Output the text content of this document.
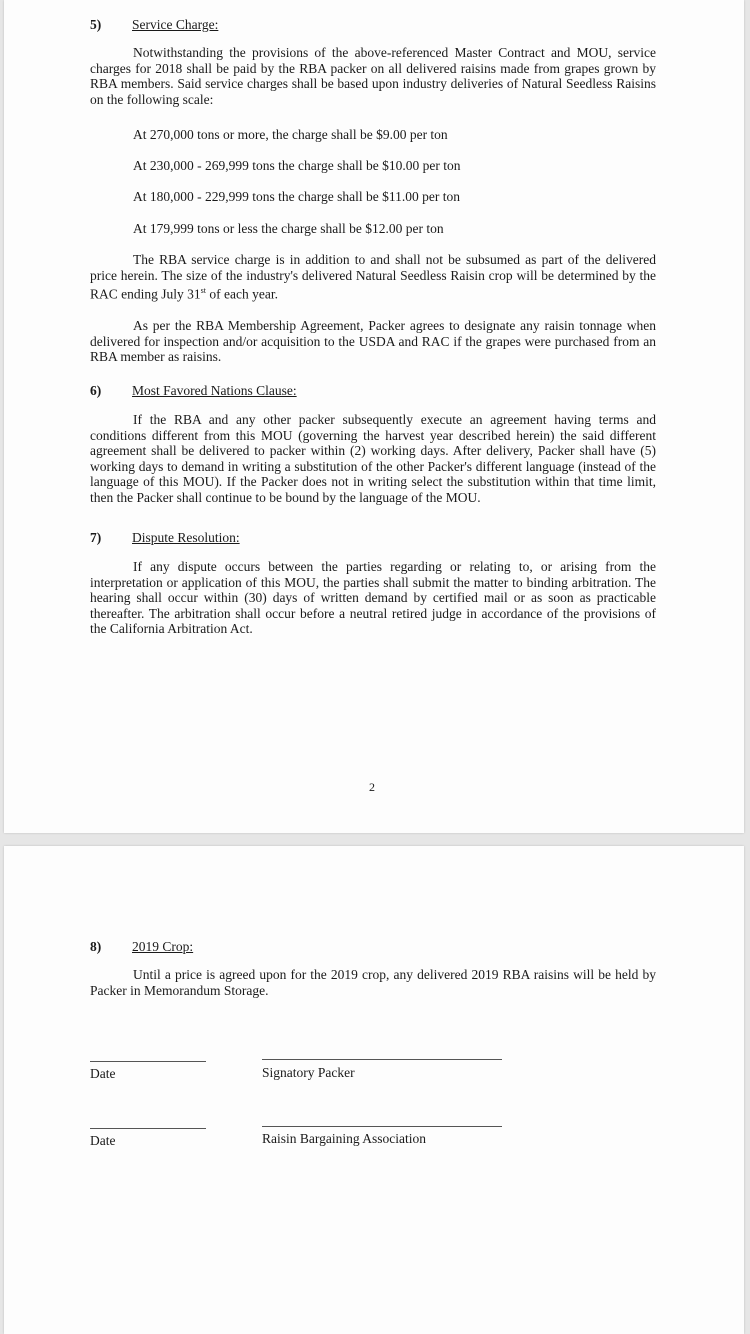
5) Service Charge:

Notwithstanding the provisions of the above-referenced Master Contract and MOU, service charges for 2018 shall be paid by the RBA packer on all delivered raisins made from grapes grown by RBA members. Said service charges shall be based upon industry deliveries of Natural Seedless Raisins on the following scale:

At 270,000 tons or more, the charge shall be $9.00 per ton
At 230,000 - 269,999 tons the charge shall be $10.00 per ton
At 180,000 - 229,999 tons the charge shall be $11.00 per ton
At 179,999 tons or less the charge shall be $12.00 per ton

The RBA service charge is in addition to and shall not be subsumed as part of the delivered price herein. The size of the industry's delivered Natural Seedless Raisin crop will be determined by the RAC ending July 31st of each year.

As per the RBA Membership Agreement, Packer agrees to designate any raisin tonnage when delivered for inspection and/or acquisition to the USDA and RAC if the grapes were purchased from an RBA member as raisins.

6) Most Favored Nations Clause:

If the RBA and any other packer subsequently execute an agreement having terms and conditions different from this MOU (governing the harvest year described herein) the said different agreement shall be delivered to packer within (2) working days. After delivery, Packer shall have (5) working days to demand in writing a substitution of the other Packer's different language (instead of the language of this MOU). If the Packer does not in writing select the substitution within that time limit, then the Packer shall continue to be bound by the language of the MOU.

7) Dispute Resolution:

If any dispute occurs between the parties regarding or relating to, or arising from the interpretation or application of this MOU, the parties shall submit the matter to binding arbitration. The hearing shall occur within (30) days of written demand by certified mail or as soon as practicable thereafter. The arbitration shall occur before a neutral retired judge in accordance of the provisions of the California Arbitration Act.

2
8) 2019 Crop:

Until a price is agreed upon for the 2019 crop, any delivered 2019 RBA raisins will be held by Packer in Memorandum Storage.

Date	Signatory Packer
Date	Raisin Bargaining Association
